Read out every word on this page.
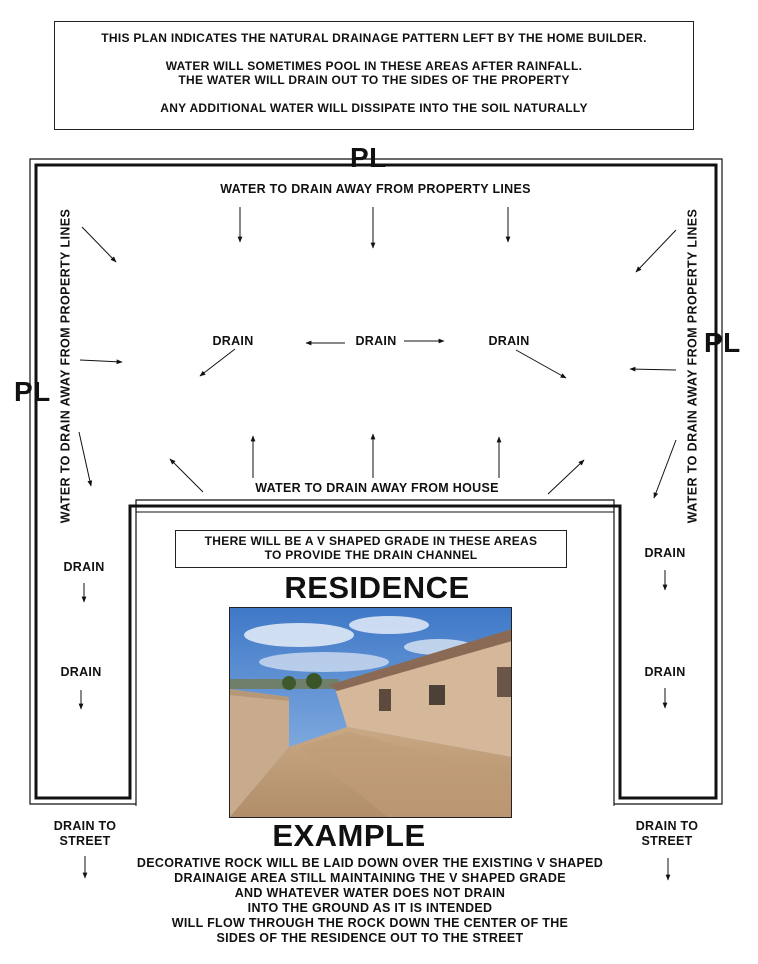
THIS PLAN INDICATES THE NATURAL DRAINAGE PATTERN LEFT BY THE HOME BUILDER.
WATER WILL SOMETIMES POOL IN THESE AREAS AFTER RAINFALL.
THE WATER WILL DRAIN OUT TO THE SIDES OF THE PROPERTY
ANY ADDITIONAL WATER WILL DISSIPATE INTO THE SOIL NATURALLY
PL
PL
PL
WATER TO DRAIN AWAY FROM PROPERTY LINES
DRAIN	DRAIN	DRAIN
WATER TO DRAIN AWAY FROM HOUSE
WATER TO DRAIN AWAY FROM PROPERTY LINES	WATER TO DRAIN AWAY FROM PROPERTY LINES
DRAIN
DRAIN
DRAIN
DRAIN
DRAIN TO
STREET
DRAIN TO
STREET
THERE WILL BE A V SHAPED GRADE IN THESE AREAS
TO PROVIDE THE DRAIN CHANNEL
RESIDENCE
EXAMPLE
DECORATIVE ROCK WILL BE LAID DOWN OVER THE EXISTING V SHAPED
DRAINAIGE AREA STILL MAINTAINING THE V SHAPED GRADE
AND WHATEVER WATER DOES NOT DRAIN
INTO THE GROUND AS IT IS INTENDED
WILL FLOW THROUGH THE ROCK DOWN THE CENTER OF THE
SIDES OF THE RESIDENCE OUT TO THE STREET
